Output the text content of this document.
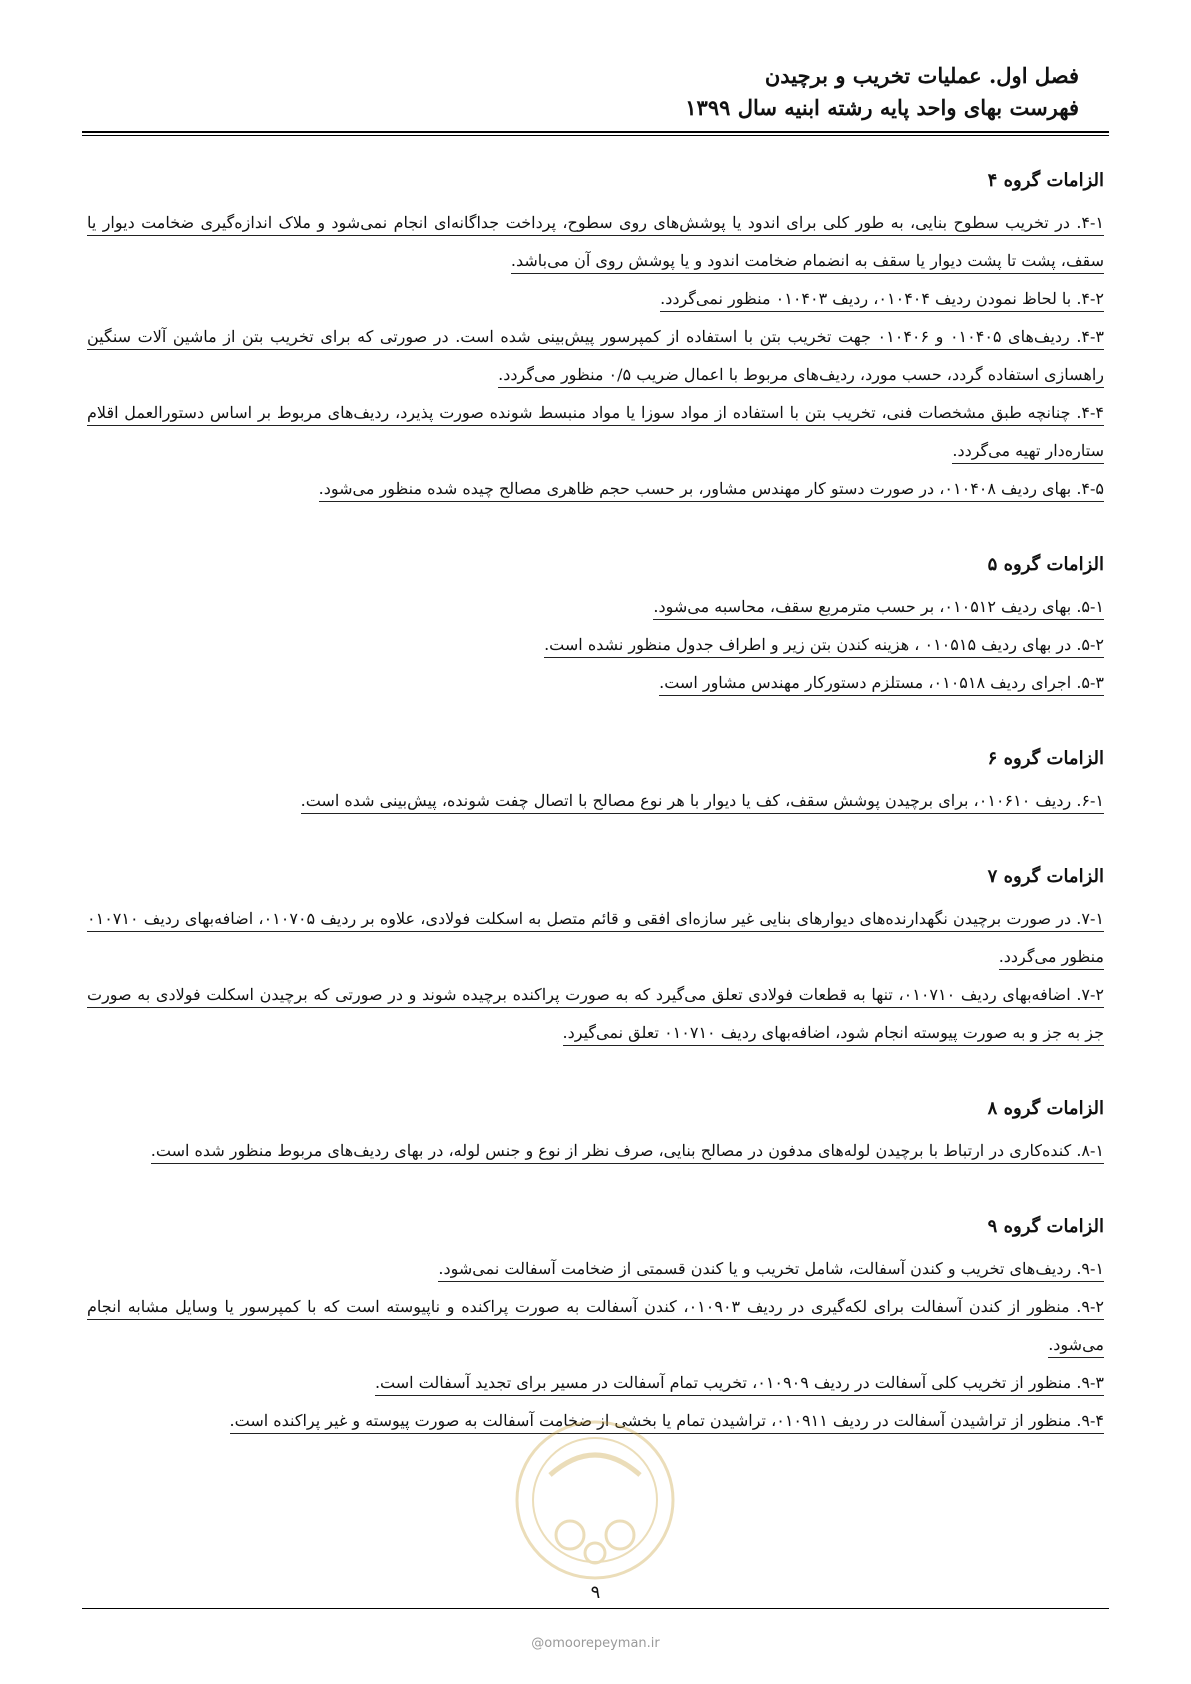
فصل اول. عملیات تخریب و برچیدن
فهرست بهای واحد پایه رشته ابنیه سال ۱۳۹۹
الزامات گروه ۴

۴-۱. در تخریب سطوح بنایی، به طور کلی برای اندود یا پوشش‌های روی سطوح، پرداخت جداگانه‌ای انجام نمی‌شود و ملاک اندازه‌گیری ضخامت دیوار یا سقف، پشت تا پشت دیوار یا سقف به انضمام ضخامت اندود و یا پوشش روی آن می‌باشد.

۴-۲. با لحاظ نمودن ردیف ۰۱۰۴۰۴، ردیف ۰۱۰۴۰۳ منظور نمی‌گردد.

۴-۳. ردیف‌های ۰۱۰۴۰۵ و ۰۱۰۴۰۶ جهت تخریب بتن با استفاده از کمپرسور پیش‌بینی شده است. در صورتی که برای تخریب بتن از ماشین آلات سنگین راهسازی استفاده گردد، حسب مورد، ردیف‌های مربوط با اعمال ضریب ۰/۵ منظور می‌گردد.

۴-۴. چنانچه طبق مشخصات فنی، تخریب بتن با استفاده از مواد سوزا یا مواد منبسط شونده صورت پذیرد، ردیف‌های مربوط بر اساس دستورالعمل اقلام ستاره‌دار تهیه می‌گردد.

۴-۵. بهای ردیف ۰۱۰۴۰۸، در صورت دستو کار مهندس مشاور، بر حسب حجم ظاهری مصالح چیده شده منظور می‌شود.

الزامات گروه ۵

۵-۱. بهای ردیف ۰۱۰۵۱۲، بر حسب مترمربع سقف، محاسبه می‌شود.

۵-۲. در بهای ردیف ۰۱۰۵۱۵ ، هزینه کندن بتن زیر و اطراف جدول منظور نشده است.

۵-۳. اجرای ردیف ۰۱۰۵۱۸، مستلزم دستورکار مهندس مشاور است.

الزامات گروه ۶

۶-۱. ردیف ۰۱۰۶۱۰، برای برچیدن پوشش سقف، کف یا دیوار با هر نوع مصالح با اتصال چفت شونده، پیش‌بینی شده است.

الزامات گروه ۷

۷-۱. در صورت برچیدن نگهدارنده‌های دیوارهای بنایی غیر سازه‌ای افقی و قائم متصل به اسکلت فولادی، علاوه بر ردیف ۰۱۰۷۰۵، اضافه‌بهای ردیف ۰۱۰۷۱۰ منظور می‌گردد.

۷-۲. اضافه‌بهای ردیف ۰۱۰۷۱۰، تنها به قطعات فولادی تعلق می‌گیرد که به صورت پراکنده برچیده شوند و در صورتی که برچیدن اسکلت فولادی به صورت جز به جز و به صورت پیوسته انجام شود، اضافه‌بهای ردیف ۰۱۰۷۱۰ تعلق نمی‌گیرد.

الزامات گروه ۸

۸-۱. کنده‌کاری در ارتباط با برچیدن لوله‌های مدفون در مصالح بنایی، صرف نظر از نوع و جنس لوله، در بهای ردیف‌های مربوط منظور شده است.

الزامات گروه ۹

۹-۱. ردیف‌های تخریب و کندن آسفالت، شامل تخریب و یا کندن قسمتی از ضخامت آسفالت نمی‌شود.

۹-۲. منظور از کندن آسفالت برای لکه‌گیری در ردیف ۰۱۰۹۰۳، کندن آسفالت به صورت پراکنده و ناپیوسته است که با کمپرسور یا وسایل مشابه انجام می‌شود.

۹-۳. منظور از تخریب کلی آسفالت در ردیف ۰۱۰۹۰۹، تخریب تمام آسفالت در مسیر برای تجدید آسفالت است.

۹-۴. منظور از تراشیدن آسفالت در ردیف ۰۱۰۹۱۱، تراشیدن تمام یا بخشی از ضخامت آسفالت به صورت پیوسته و غیر پراکنده است.

۹
@omoorepeyman.ir
